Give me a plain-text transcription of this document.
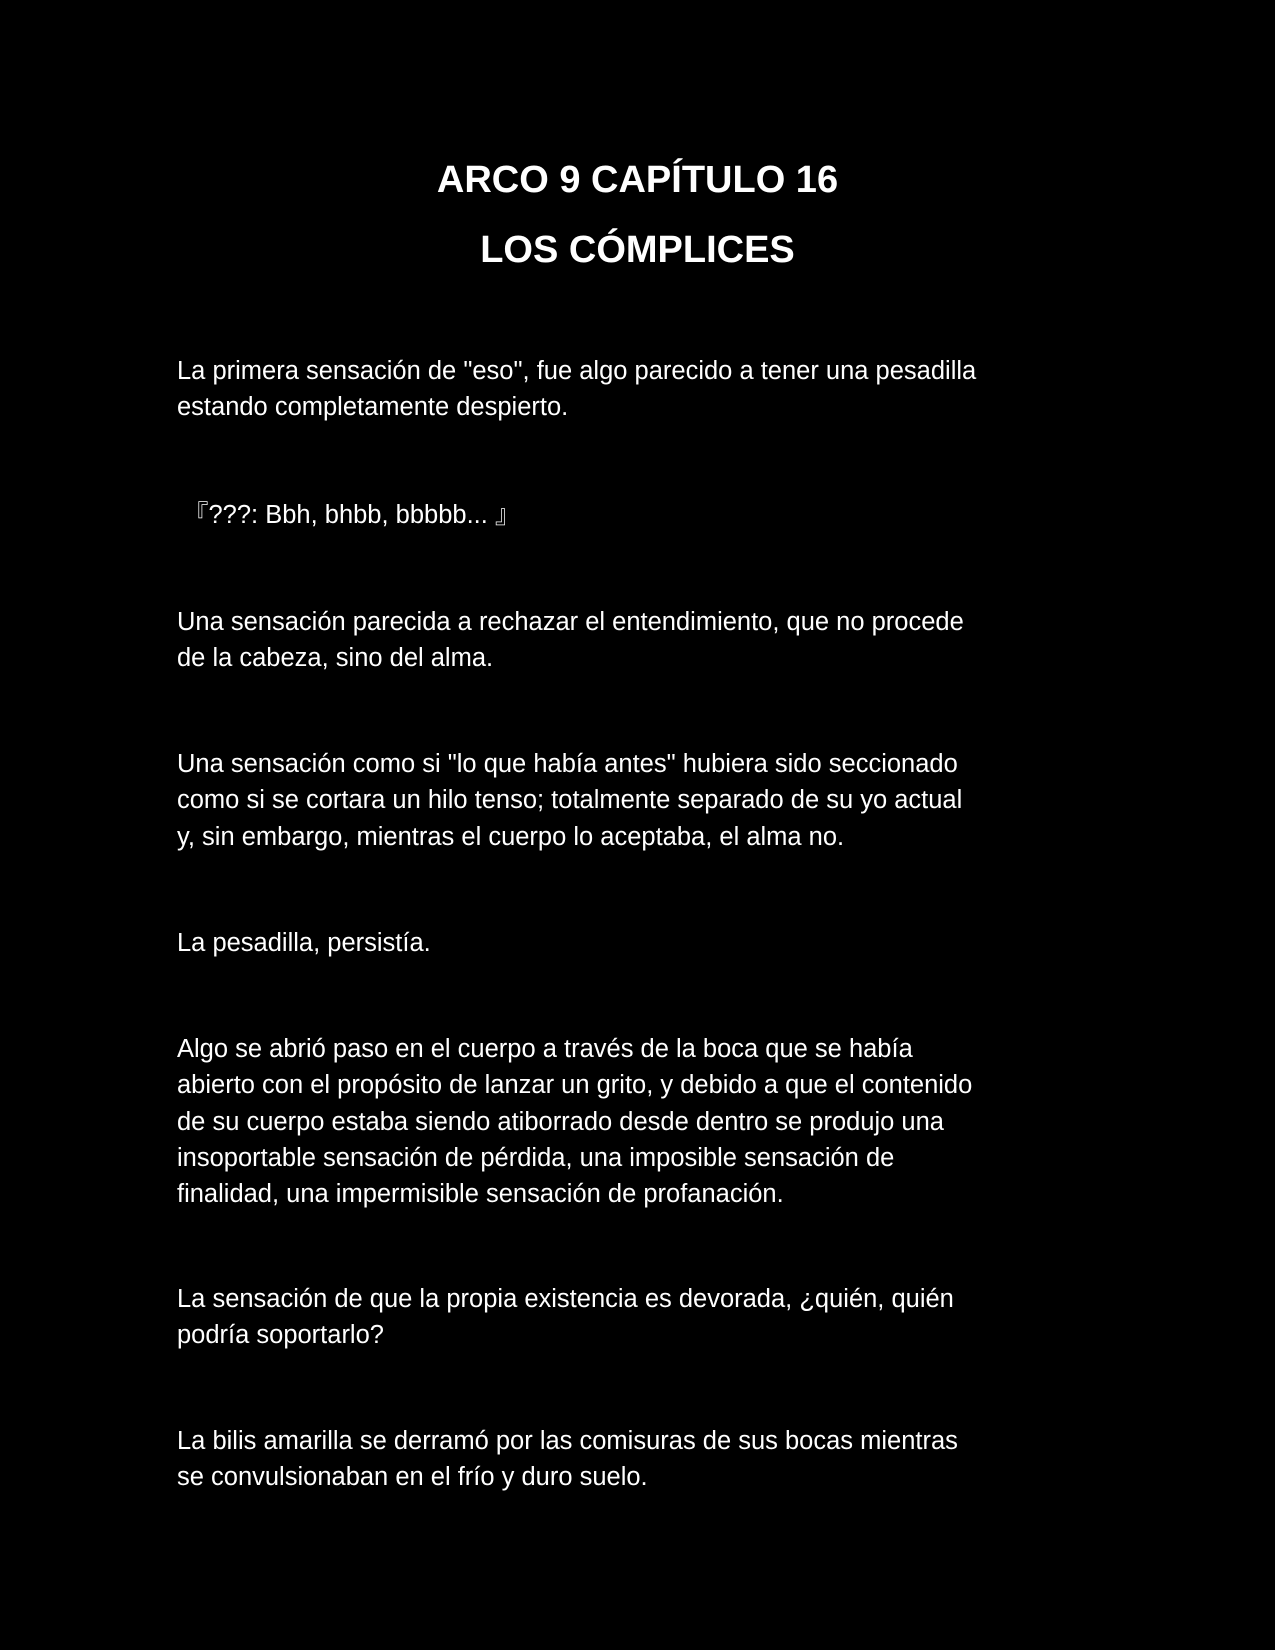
ARCO 9 CAPÍTULO 16

LOS CÓMPLICES

La primera sensación de "eso", fue algo parecido a tener una pesadilla
estando completamente despierto.

『???: Bbh, bhbb, bbbbb... 』

Una sensación parecida a rechazar el entendimiento, que no procede
de la cabeza, sino del alma.

Una sensación como si "lo que había antes" hubiera sido seccionado
como si se cortara un hilo tenso; totalmente separado de su yo actual
y, sin embargo, mientras el cuerpo lo aceptaba, el alma no.

La pesadilla, persistía.

Algo se abrió paso en el cuerpo a través de la boca que se había
abierto con el propósito de lanzar un grito, y debido a que el contenido
de su cuerpo estaba siendo atiborrado desde dentro se produjo una
insoportable sensación de pérdida, una imposible sensación de
finalidad, una impermisible sensación de profanación.

La sensación de que la propia existencia es devorada, ¿quién, quién
podría soportarlo?

La bilis amarilla se derramó por las comisuras de sus bocas mientras
se convulsionaban en el frío y duro suelo.
